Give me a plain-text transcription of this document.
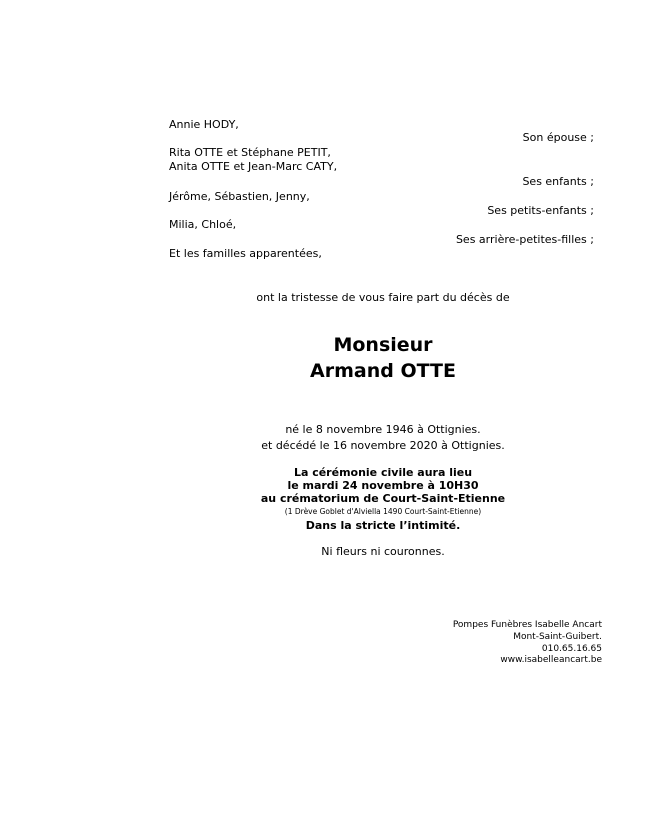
Annie HODY,
Son épouse ;
Rita OTTE et Stéphane PETIT,
Anita OTTE et Jean-Marc CATY,
Ses enfants ;
Jérôme, Sébastien, Jenny,
Ses petits-enfants ;
Milia, Chloé,
Ses arrière-petites-filles ;
Et les familles apparentées,
ont la tristesse de vous faire part du décès de
Monsieur
Armand OTTE
né le 8 novembre 1946 à Ottignies.
et décédé le 16 novembre 2020 à Ottignies.
La cérémonie civile aura lieu
le mardi 24 novembre à 10H30
au crématorium de Court-Saint-Etienne
(1 Drève Goblet d'Alviella 1490 Court-Saint-Etienne)
Dans la stricte l’intimité.
Ni fleurs ni couronnes.
Pompes Funèbres Isabelle Ancart
Mont-Saint-Guibert.
010.65.16.65
www.isabelleancart.be
